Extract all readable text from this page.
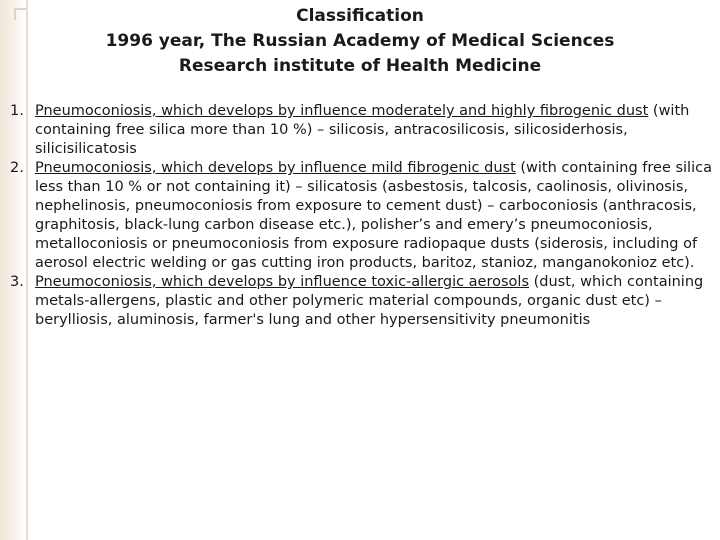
Classification
1996 year, The Russian Academy of Medical Sciences
Research institute of Health Medicine

1. Pneumoconiosis, which develops by influence moderately and highly fibrogenic dust (with containing free silica more than 10 %) – silicosis, antracosilicosis, silicosiderhosis, silicisilicatosis

2. Pneumoconiosis, which develops by influence mild fibrogenic dust (with containing free silica less than 10 % or not containing it) – silicatosis (asbestosis, talcosis, caolinosis, olivinosis, nephelinosis, pneumoconiosis from exposure to cement dust) – carboconiosis (anthracosis, graphitosis, black-lung carbon disease etc.), polisher’s and emery’s pneumoconiosis, metalloconiosis or pneumoconiosis from exposure radiopaque dusts (siderosis, including of aerosol electric welding or gas cutting iron products, baritoz, stanioz, manganokonioz etc).

3. Pneumoconiosis, which develops by influence toxic-allergic aerosols (dust, which containing metals-allergens, plastic and other polymeric material compounds, organic dust etc) – berylliosis, aluminosis, farmer's lung and other hypersensitivity pneumonitis
